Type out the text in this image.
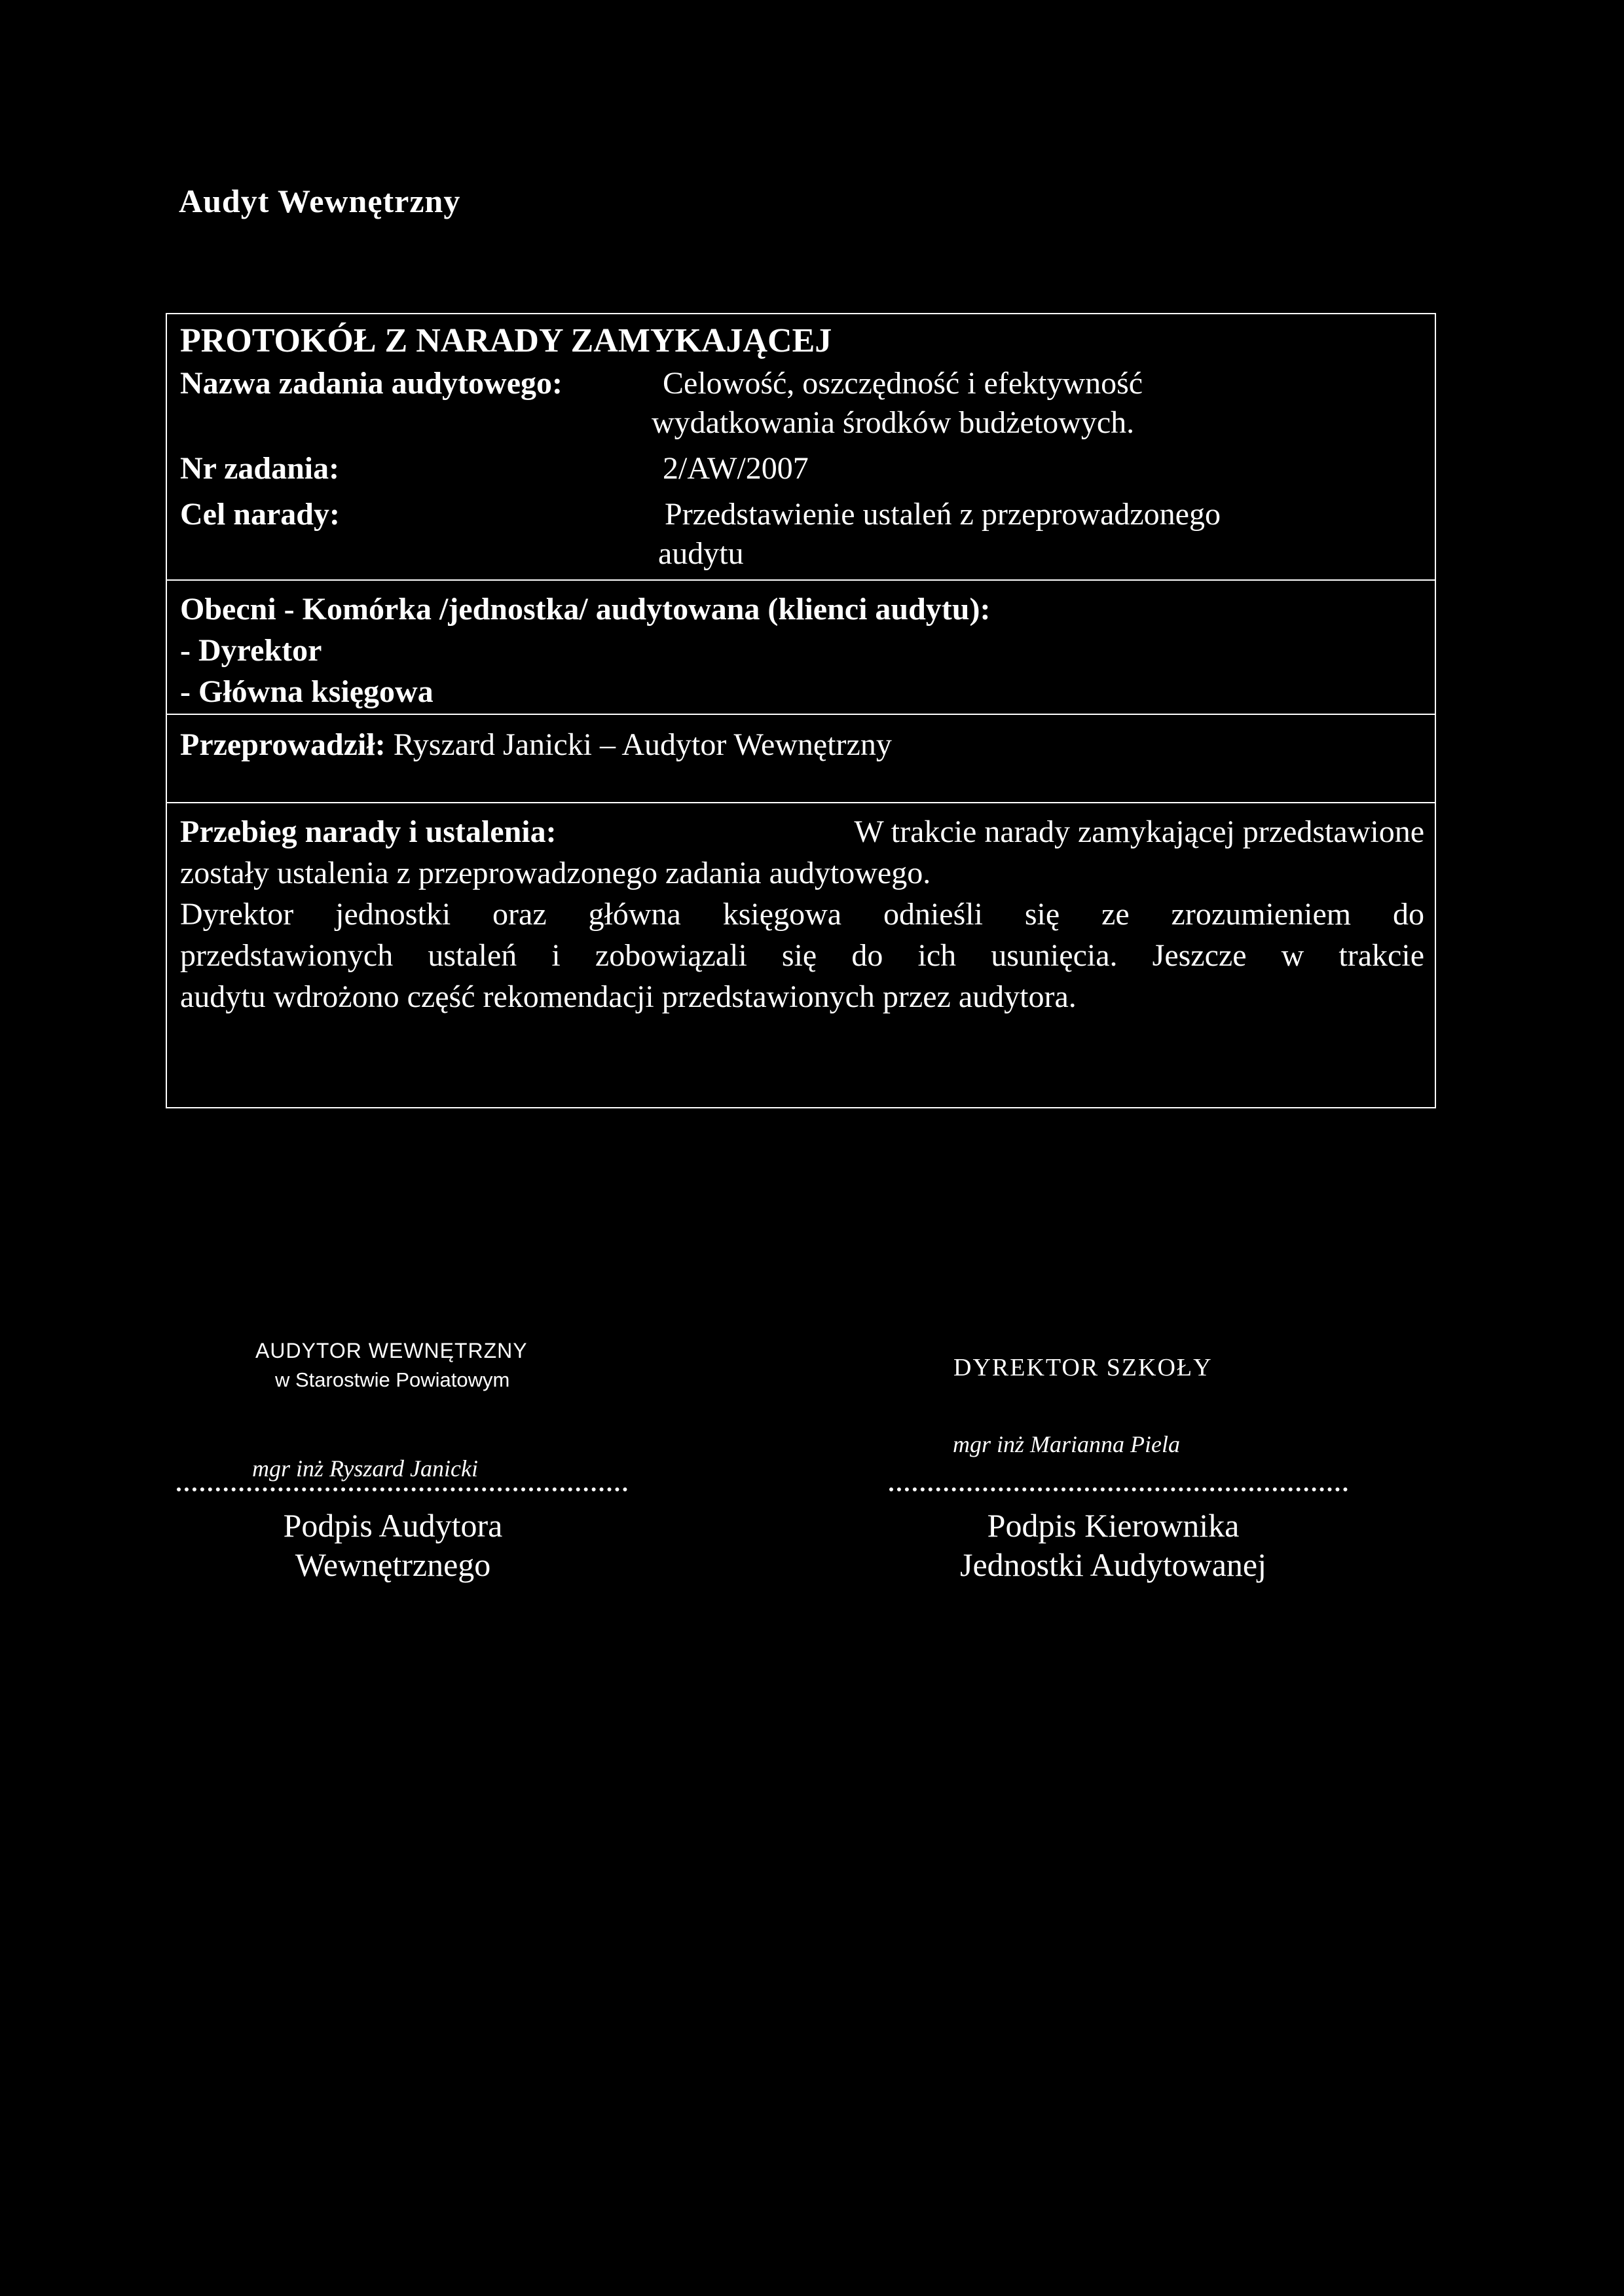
Audyt Wewnętrzny
PROTOKÓŁ Z NARADY ZAMYKAJĄCEJ
Nazwa zadania audytowego:	Celowość, oszczędność i efektywność
wydatkowania środków budżetowych.
Nr zadania:	2/AW/2007
Cel narady:	Przedstawienie ustaleń z przeprowadzonego
audytu
Obecni - Komórka /jednostka/ audytowana (klienci audytu):
- Dyrektor
- Główna księgowa
Przeprowadził: Ryszard Janicki – Audytor Wewnętrzny
Przebieg narady i ustalenia:	W trakcie narady zamykającej przedstawione
zostały ustalenia z przeprowadzonego zadania audytowego.
Dyrektor jednostki oraz główna księgowa odnieśli się ze zrozumieniem do
przedstawionych ustaleń i zobowiązali się do ich usunięcia. Jeszcze w trakcie
audytu wdrożono część rekomendacji przedstawionych przez audytora.
AUDYTOR WEWNĘTRZNY
w Starostwie Powiatowym
mgr inż Ryszard Janicki
Podpis Audytora
Wewnętrznego
DYREKTOR SZKOŁY
mgr inż Marianna Piela
Podpis Kierownika
Jednostki Audytowanej
